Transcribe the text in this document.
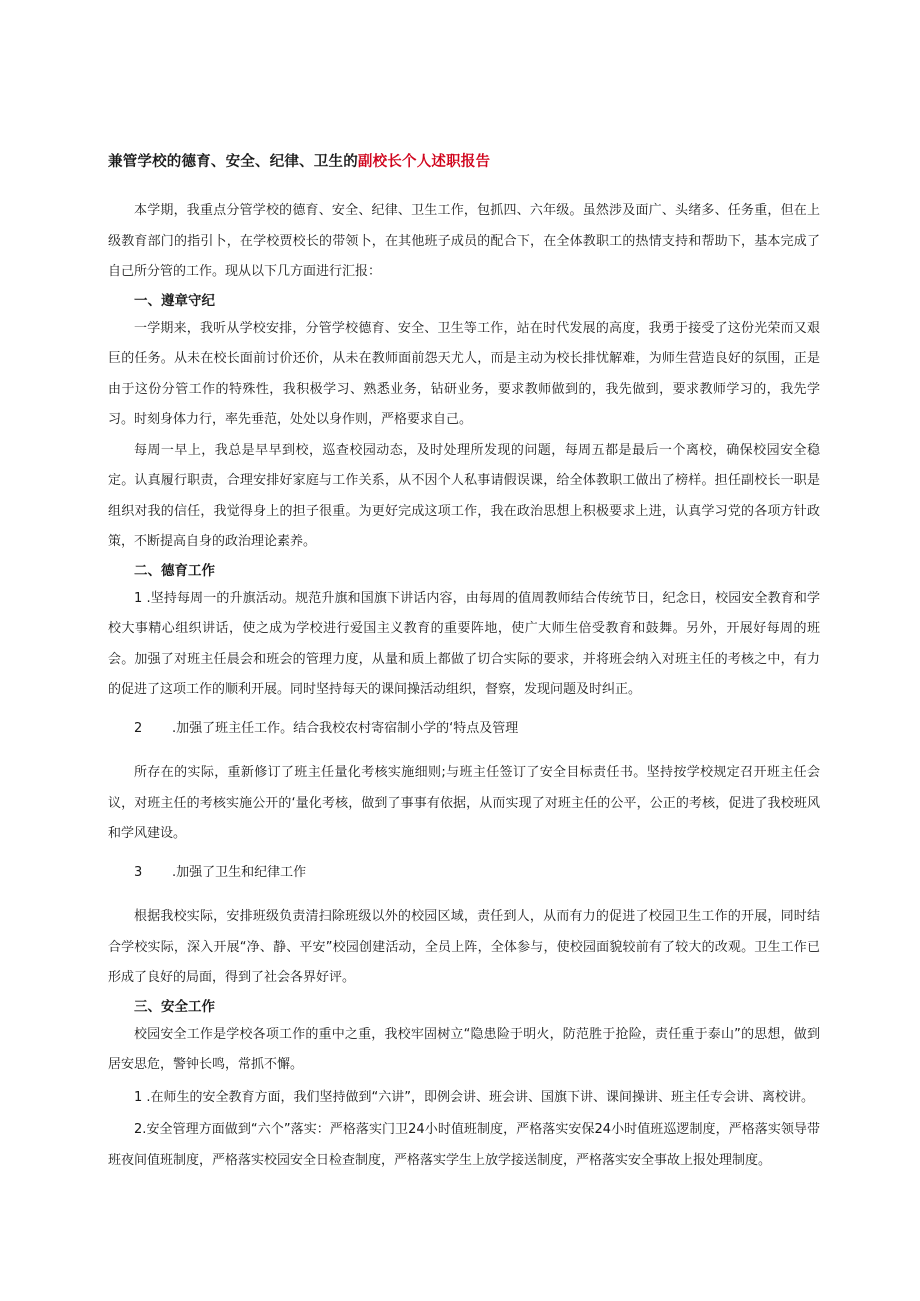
兼管学校的德育、安全、纪律、卫生的副校长个人述职报告

本学期，我重点分管学校的德育、安全、纪律、卫生工作，包抓四、六年级。虽然涉及面广、头绪多、任务重，但在上级教育部门的指引卜，在学校贾校长的带领卜，在其他班子成员的配合下，在全体教职工的热情支持和帮助下，基本完成了自己所分管的工作。现从以下几方面进行汇报：

一、遵章守纪

一学期来，我听从学校安排，分管学校德育、安全、卫生等工作，站在时代发展的高度，我勇于接受了这份光荣而又艰巨的任务。从未在校长面前讨价还价，从未在教师面前怨天尤人，而是主动为校长排忧解难，为师生营造良好的氛围，正是由于这份分管工作的特殊性，我积极学习、熟悉业务，钻研业务，要求教师做到的，我先做到，要求教师学习的，我先学习。时刻身体力行，率先垂范，处处以身作则，严格要求自己。

每周一早上，我总是早早到校，巡查校园动态，及时处理所发现的问题，每周五都是最后一个离校，确保校园安全稳定。认真履行职责，合理安排好家庭与工作关系，从不因个人私事请假误课，给全体教职工做出了榜样。担任副校长一职是组织对我的信任，我觉得身上的担子很重。为更好完成这项工作，我在政治思想上积极要求上进，认真学习党的各项方针政策，不断提高自身的政治理论素养。

二、德育工作

1 .坚持每周一的升旗活动。规范升旗和国旗下讲话内容，由每周的值周教师结合传统节日，纪念日，校园安全教育和学校大事精心组织讲话，使之成为学校进行爱国主义教育的重要阵地，使广大师生倍受教育和鼓舞。另外，开展好每周的班会。加强了对班主任晨会和班会的管理力度，从量和质上都做了切合实际的要求，并将班会纳入对班主任的考核之中，有力的促进了这项工作的顺利开展。同时坚持每天的课间操活动组织，督察，发现问题及时纠正。

2 .加强了班主任工作。结合我校农村寄宿制小学的‘特点及管理

所存在的实际，重新修订了班主任量化考核实施细则;与班主任签订了安全目标责任书。坚持按学校规定召开班主任会议，对班主任的考核实施公开的‘量化考核，做到了事事有依据，从而实现了对班主任的公平，公正的考核，促进了我校班风和学风建设。

3 .加强了卫生和纪律工作

根据我校实际，安排班级负责清扫除班级以外的校园区域，责任到人，从而有力的促进了校园卫生工作的开展，同时结合学校实际，深入开展“净、静、平安”校园创建活动，全员上阵，全体参与，使校园面貌较前有了较大的改观。卫生工作已形成了良好的局面，得到了社会各界好评。

三、安全工作

校园安全工作是学校各项工作的重中之重，我校牢固树立“隐患险于明火，防范胜于抢险，责任重于泰山”的思想，做到居安思危，警钟长鸣，常抓不懈。

1 .在师生的安全教育方面，我们坚持做到“六讲”，即例会讲、班会讲、国旗下讲、课间操讲、班主任专会讲、离校讲。

2.安全管理方面做到“六个”落实：严格落实门卫24小时值班制度，严格落实安保24小时值班巡逻制度，严格落实领导带班夜间值班制度，严格落实校园安全日检查制度，严格落实学生上放学接送制度，严格落实安全事故上报处理制度。
